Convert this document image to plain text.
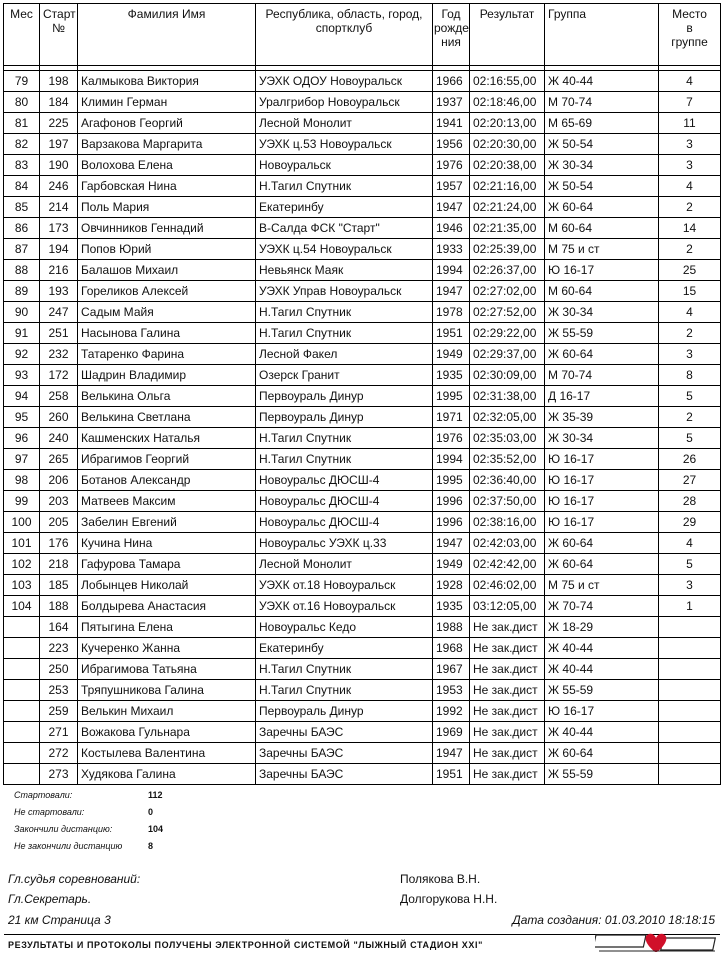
Мес	Старт №	Фамилия Имя	Республика, область, город, спортклуб	Год рожде ния	Результат	Группа	Место в группе

79	198	Калмыкова Виктория	УЭХК ОДОУ Новоуральск	1966	02:16:55,00	Ж 40-44	4
80	184	Климин Герман	Уралгрибор Новоуральск	1937	02:18:46,00	М 70-74	7
81	225	Агафонов Георгий	Лесной Монолит	1941	02:20:13,00	М 65-69	11
82	197	Варзакова Маргарита	УЭХК ц.53 Новоуральск	1956	02:20:30,00	Ж 50-54	3
83	190	Волохова Елена	Новоуральск	1976	02:20:38,00	Ж 30-34	3
84	246	Гарбовская Нина	Н.Тагил Спутник	1957	02:21:16,00	Ж 50-54	4
85	214	Поль Мария	Екатеринбу	1947	02:21:24,00	Ж 60-64	2
86	173	Овчинников Геннадий	В-Салда ФСК "Старт"	1946	02:21:35,00	М 60-64	14
87	194	Попов Юрий	УЭХК ц.54 Новоуральск	1933	02:25:39,00	М 75 и ст	2
88	216	Балашов Михаил	Невьянск Маяк	1994	02:26:37,00	Ю 16-17	25
89	193	Гореликов Алексей	УЭХК Управ Новоуральск	1947	02:27:02,00	М 60-64	15
90	247	Садым Майя	Н.Тагил Спутник	1978	02:27:52,00	Ж 30-34	4
91	251	Насынова Галина	Н.Тагил Спутник	1951	02:29:22,00	Ж 55-59	2
92	232	Татаренко Фарина	Лесной Факел	1949	02:29:37,00	Ж 60-64	3
93	172	Шадрин Владимир	Озерск Гранит	1935	02:30:09,00	М 70-74	8
94	258	Велькина Ольга	Первоураль Динур	1995	02:31:38,00	Д 16-17	5
95	260	Велькина Светлана	Первоураль Динур	1971	02:32:05,00	Ж 35-39	2
96	240	Кашменских Наталья	Н.Тагил Спутник	1976	02:35:03,00	Ж 30-34	5
97	265	Ибрагимов Георгий	Н.Тагил Спутник	1994	02:35:52,00	Ю 16-17	26
98	206	Ботанов Александр	Новоуральс ДЮСШ-4	1995	02:36:40,00	Ю 16-17	27
99	203	Матвеев Максим	Новоуральс ДЮСШ-4	1996	02:37:50,00	Ю 16-17	28
100	205	Забелин Евгений	Новоуральс ДЮСШ-4	1996	02:38:16,00	Ю 16-17	29
101	176	Кучина Нина	Новоуральс УЭХК ц.33	1947	02:42:03,00	Ж 60-64	4
102	218	Гафурова Тамара	Лесной Монолит	1949	02:42:42,00	Ж 60-64	5
103	185	Лобынцев Николай	УЭХК от.18 Новоуральск	1928	02:46:02,00	М 75 и ст	3
104	188	Болдырева Анастасия	УЭХК от.16 Новоуральск	1935	03:12:05,00	Ж 70-74	1
	164	Пятыгина Елена	Новоуральс Кедо	1988	Не зак.дист	Ж 18-29	
	223	Кучеренко Жанна	Екатеринбу	1968	Не зак.дист	Ж 40-44	
	250	Ибрагимова Татьяна	Н.Тагил Спутник	1967	Не зак.дист	Ж 40-44	
	253	Тряпушникова Галина	Н.Тагил Спутник	1953	Не зак.дист	Ж 55-59	
	259	Велькин Михаил	Первоураль Динур	1992	Не зак.дист	Ю 16-17	
	271	Вожакова Гульнара	Заречны БАЭС	1969	Не зак.дист	Ж 40-44	
	272	Костылева Валентина	Заречны БАЭС	1947	Не зак.дист	Ж 60-64	
	273	Худякова Галина	Заречны БАЭС	1951	Не зак.дист	Ж 55-59	
Стартовали:	112
Не стартовали:	0
Закончили дистанцию:	104
Не закончили дистанцию	8
Гл.судья соревнований:	Полякова В.Н.
Гл.Секретарь.	Долгорукова Н.Н.
21 км Страница 3	Дата создания: 01.03.2010 18:18:15
РЕЗУЛЬТАТЫ И ПРОТОКОЛЫ ПОЛУЧЕНЫ ЭЛЕКТРОННОЙ СИСТЕМОЙ "ЛЫЖНЫЙ СТАДИОН XXI"
